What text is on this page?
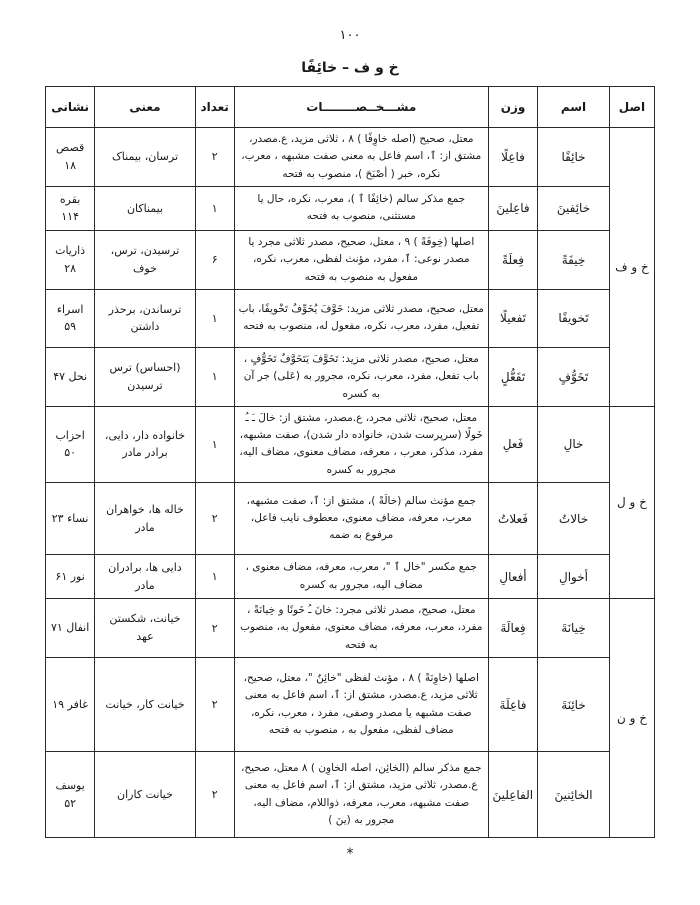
۱۰۰
خ و ف – خائِفًا
اصل	اسم	وزن	مشـــخــصــــــــات	تعداد	معنی	نشانی
خ و ف	خائِفًا	فاعِلًا	معتل، صحیح (اصله خاوِفًا ) ۸ ، ثلاثی مزید، ع.مصدر، مشتق از: ٱ، اسم فاعل به معنی صفت مشبهه ، معرب، نکره، خبر ( أصْبَحَ )، منصوب به فتحه	۲	ترسان، بیمناک	قصص ۱۸
	خائِفینَ	فاعِلینَ	جمع مذکر سالم (خائِفًا ٱ )، معرب، نکره، حال یا مستثنی، منصوب به فتحه	۱	بیمناکان	بقره ۱۱۴
	خِیفَةً	فِعلَةً	اصلها (خِوفَةً ) ۹ ، معتل، صحیح، مصدر ثلاثی مجرد یا مصدر نوعی: ٱ، مفرد، مؤنث لفظی، معرب، نکره، مفعول به منصوب به فتحه	۶	ترسیدن، ترس، خوف	ذاریات ۲۸
	تَخویفًا	تَفعیلًا	معتل، صحیح، مصدر ثلاثی مزید: خَوَّفَ یُخَوِّفُ تَخْویفًا، باب تفعیل، مفرد، معرب، نکره، مفعول له، منصوب به فتحه	۱	ترساندن، برحذر داشتن	اسراء ۵۹
	تَخَوُّفٍ	تَفَعُّلٍ	معتل، صحیح، مصدر ثلاثی مزید: تَخَوَّفَ یَتَخَوَّفُ تَخَوُّفٍ ، باب تفعل، مفرد، معرب، نکره، مجرور به (عَلی) جر آن به کسره	۱	(احساس) ترس ترسیدن	نحل ۴۷
خ و ل	خالِ	فَعلِ	معتل، صحیح، ثلاثی مجرد، ع.مصدر، مشتق از: خالَ ـَ ـُ خَولًا (سرپرست شدن، خانواده دار شدن)، صفت مشبهه، مفرد، مذکر، معرب ، معرفه، مضاف معنوی، مضاف الیه، مجرور به کسره	۱	خانواده دار، دایی، برادر مادر	احزاب ۵۰
	خالاتُ	فَعلاتُ	جمع مؤنث سالم (خالَةً )، مشتق از: ٱ، صفت مشبهه، معرب، معرفه، مضاف معنوی، معطوف نایب فاعل، مرفوع به ضمه	۲	خاله ها، خواهران مادر	نساء ۲۳
	أخوالِ	أفعالِ	جمع مکسر "خال ٱ "، معرب، معرفه، مضاف معنوی ، مضاف الیه، مجرور به کسره	۱	دایی ها، برادران مادر	نور ۶۱
خ و ن	خِیانَةَ	فِعالَةَ	معتل، صحیح، مصدر ثلاثی مجرد: خانَ ـُ خَونًا و خِیانَةً ، مفرد، معرب، معرفه، مضاف معنوی، مفعول به، منصوب به فتحه	۲	خیانت، شکستن عهد	انفال ۷۱
	خائِنَةَ	فاعِلَةَ	اصلها (خاوِنَةً ) ۸ ، مؤنث لفظی "خائِنٌ "، معتل، صحیح، ثلاثی مزید، ع.مصدر، مشتق از: ٱ، اسم فاعل به معنی صفت مشبهه یا مصدر وصفی، مفرد ، معرب، نکره، مضاف لفظی، مفعول به ، منصوب به فتحه	۲	خیانت کار، خیانت	غافر ۱۹
	الخائِنینَ	الفاعِلینَ	جمع مذکر سالم (الخائِن، اصله الخاوِن ) ۸ معتل، صحیح، ع.مصدر، ثلاثی مزید، مشتق از: ٱ، اسم فاعل به معنی صفت مشبهه، معرب، معرفه، ذواللام، مضاف الیه، مجرور به (ینَ )	۲	خیانت کاران	یوسف ۵۲
*
